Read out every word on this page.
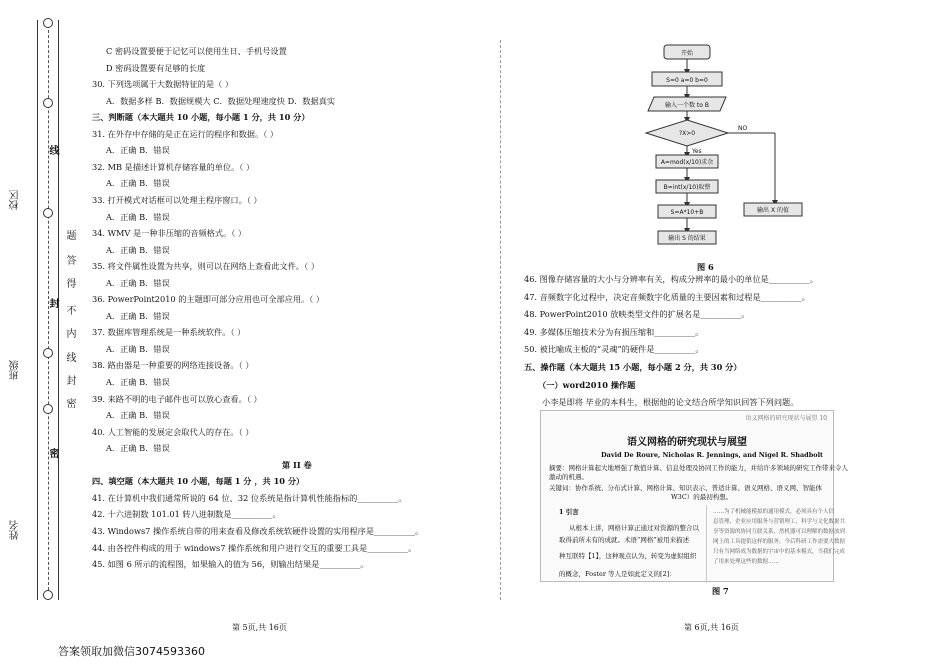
校区
班级
姓名
线
题
答
得
封
不
内
线
封
密
密
C 密码设置要便于记忆可以使用生日、手机号设置
D 密码设置要有足够的长度
30. 下列选项属于大数据特征的是（ ）
A．数据多样 B．数据规模大 C．数据处理速度快 D．数据真实
三、判断题（本大题共 10 小题，每小题 1 分，共 10 分）
31. 在外存中存储的是正在运行的程序和数据。（ ）
A．正确 B．错误
32. MB 是描述计算机存储容量的单位。（ ）
A．正确 B．错误
33. 打开模式对话框可以处理主程序窗口。（ ）
A．正确 B．错误
34. WMV 是一种非压缩的音频格式。（ ）
A．正确 B．错误
35. 将文件属性设置为共享，则可以在网络上查看此文件。（ ）
A．正确 B．错误
36. PowerPoint2010 的主题即可部分应用也可全部应用。（ ）
A．正确 B．错误
37. 数据库管理系统是一种系统软件。（ ）
A．正确 B．错误
38. 路由器是一种重要的网络连接设备。（ ）
A．正确 B．错误
39. 来路不明的电子邮件也可以放心查看。（ ）
A．正确 B．错误
40. 人工智能的发展定会取代人的存在。（ ）
A．正确 B．错误
第 II 卷
四、填空题（本大题共 10 小题，每题 1 分 ，共 10 分）
41. 在计算机中我们通常所说的 64 位、32 位系统是指计算机性能指标的__________。
42. 十六进制数 101.01 转八进制数是__________。
43. Windows7 操作系统自带的用来查看及修改系统软硬件设置的实用程序是__________。
44. 由各控件构成的用于 windows7 操作系统和用户进行交互的重要工具是__________。
45. 如图 6 所示的流程图，如果输入的值为 56，则输出结果是__________。
第 5页,共 16页
开始
S=0 a=0 b=0
输入一个数 to B
?X>0
NO
Yes
A=mod(x/10)求余
B=int(x/10)取整
S=A*10+B
输出 S 的结果
输出 X 的值
图 6
46. 图像存储容量的大小与分辨率有关，构成分辨率的最小的单位是__________。
47. 音频数字化过程中，决定音频数字化质量的主要因素和过程是__________。
48. PowerPoint2010 放映类型文件的扩展名是__________。
49. 多媒体压缩技术分为有损压缩和__________。
50. 被比喻成主板的“灵魂”的硬件是__________。
五、操作题（本大题共 15 小题，每小题 2 分，共 30 分）
（一）word2010 操作题
小李是即将 毕业的本科生，根据他的论文结合所学知识回答下列问题。
语义网格的研究现状与展望 10
语义网格的研究现状与展望
David De Roure, Nicholas R. Jennings, and Nigel R. Shadbolt
摘要：网格计算起大地增强了数值计算、信息处理及协同工作的能力，并给许多领域的研究工作带来令人
激动的机遇。
关键词：协作系统、分布式计算、网格计算、知识表示、普适计算、语义网格、语义网、智能体
W3C）的最初构想。
1 引言
从根本上讲，网格计算正通过对资源的整合以
取得前所未有的成就。术语“网格”被用来描述
种互联特【1】，这种观点认为，转变为虚拟组织
的概念，Foster 等人是如此定义的[2]：
……为了机械能模拟的通用模式，必须具有个人信
息管理、企业应用服务与营销理工、科学与文化数据共
享等资源的协同互联关系，然机器可以理解的数据放到
网上的工具提供这样的服务。今后科研工作需要大数据
只有当网络成为数据的宇宙中的基本模式，当我们完成
了用来处理这些的数据……
图 7
第 6页,共 16页
答案领取加微信3074593360
